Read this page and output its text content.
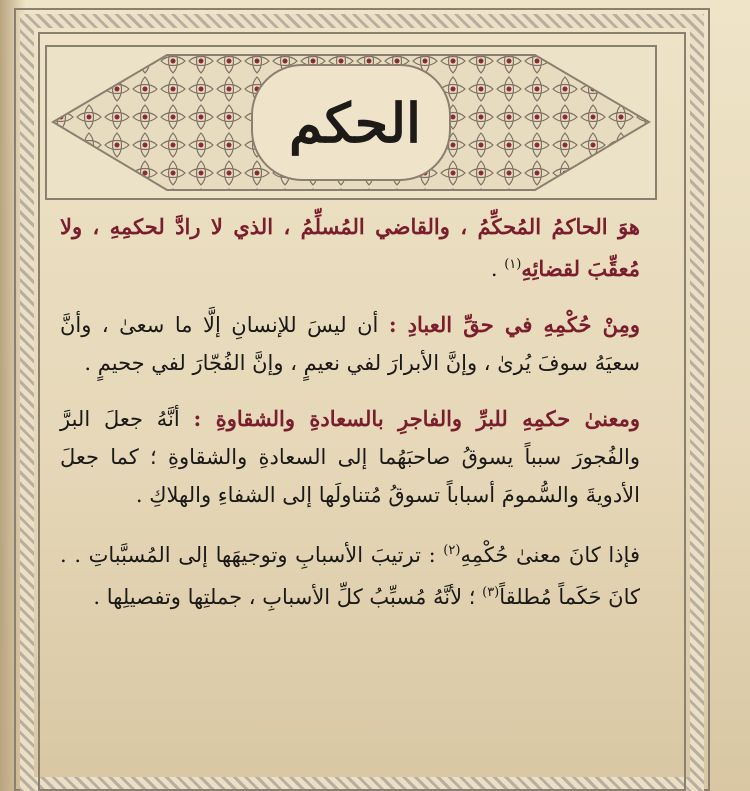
الحكم

هوَ الحاكمُ المُحكِّمُ ، والقاضي المُسلِّمُ ، الذي لا رادَّ لحكمِهِ ، ولا مُعقِّبَ لقضائِهِ$^{(١)}$ .

ومِنْ حُكْمِهِ في حقِّ العبادِ : أن ليسَ للإنسانِ إلَّا ما سعىٰ ، وأنَّ سعيَهُ سوفَ يُرىٰ ، وإنَّ الأبرارَ لفي نعيمٍ ، وإنَّ الفُجّارَ لفي جحيمٍ .

ومعنىٰ حكمِهِ للبرِّ والفاجرِ بالسعادةِ والشقاوةِ : أنَّهُ جعلَ البرَّ والفُجورَ سبباً يسوقُ صاحبَهُما إلى السعادةِ والشقاوةِ ؛ كما جعلَ الأدويةَ والسُّمومَ أسباباً تسوقُ مُتناولَها إلى الشفاءِ والهلاكِ .

فإذا كانَ معنىٰ حُكْمِهِ$^{(٢)}$ : ترتيبَ الأسبابِ وتوجيهَها إلى المُسبَّباتِ . . كانَ حَكَماً مُطلقاً$^{(٣)}$ ؛ لأنَّهُ مُسبِّبُ كلِّ الأسبابِ ، جملتِها وتفصيلِها .
